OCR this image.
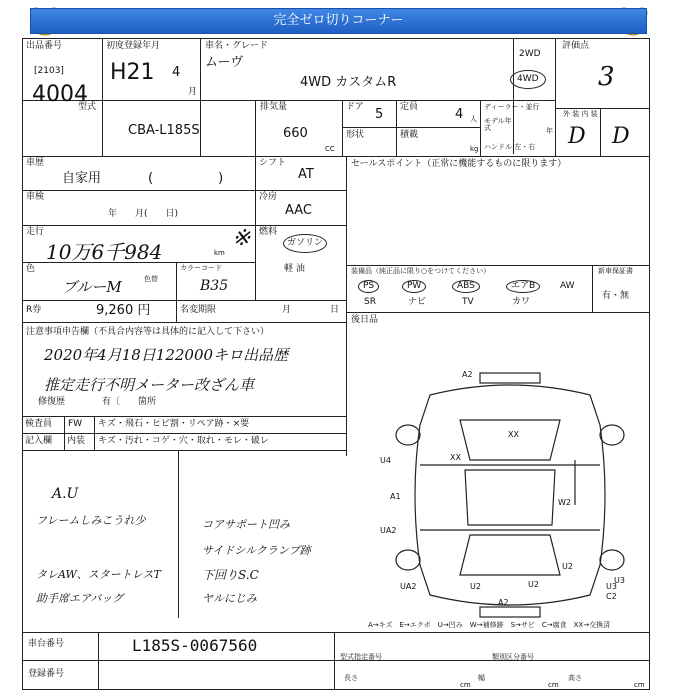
完全ゼロ切りコーナー
出品番号
[2103]
4004
初度登録年月
H21 4
月
車名・グレード
ムーヴ
4WD カスタムR
2WD
4WD
評価点
3
外 装 内 装
D D
型式
CBA-L185S
排気量
660
CC
ドア 5 定員	4 人
形状	積載
kg
ディーラー・並行
モデル年式	年
ハンドル 左・右
車歴
自家用	(　　　　　)
シフト
AT
車検
年　　月(　　日)
冷房
AAC
走行
10万6千984	km
※ 燃料
ガソリン
軽 油
色
ブルーM	色替
カラーコード
B35
R券	9,260 円	名変期限	月	日
セールスポイント（正常に機能するものに限ります）
装備品（純正品に限り○をつけてください）	新車保証書
有・無
PS	PW	ABS	エアB	AW
SR	ナビ	TV	カワ
後日品
注意事項申告欄（不具合内容等は具体的に記入して下さい）
2020年4月18日122000キロ出品歴
推定走行不明メーター改ざん車
修復歴	有〔 箇所
検査員
記入欄
FW キズ・飛石・ヒビ割・リペア跡・×要
内装 キズ・汚れ・コゲ・穴・取れ・モレ・破レ
A.U
フレームしみこうれ少	コアサポート凹み
サイドシルクランプ跡
タレAW、スタートレスT	下回りS.C
助手席エアバッグ	ヤルにじみ
A2
XX
XX
U4
A1
UA2
UA2	U2	U2
U2
U3
C2
A2
U3
W2
A→キズ　E→エクボ　U→凹み　W→補修跡　S→サビ　C→腐食　XX→交換済
車台番号	L185S-0067560
登録番号
型式指定番号	類別区分番号
長さ
cm
幅
cm
高さ
cm
